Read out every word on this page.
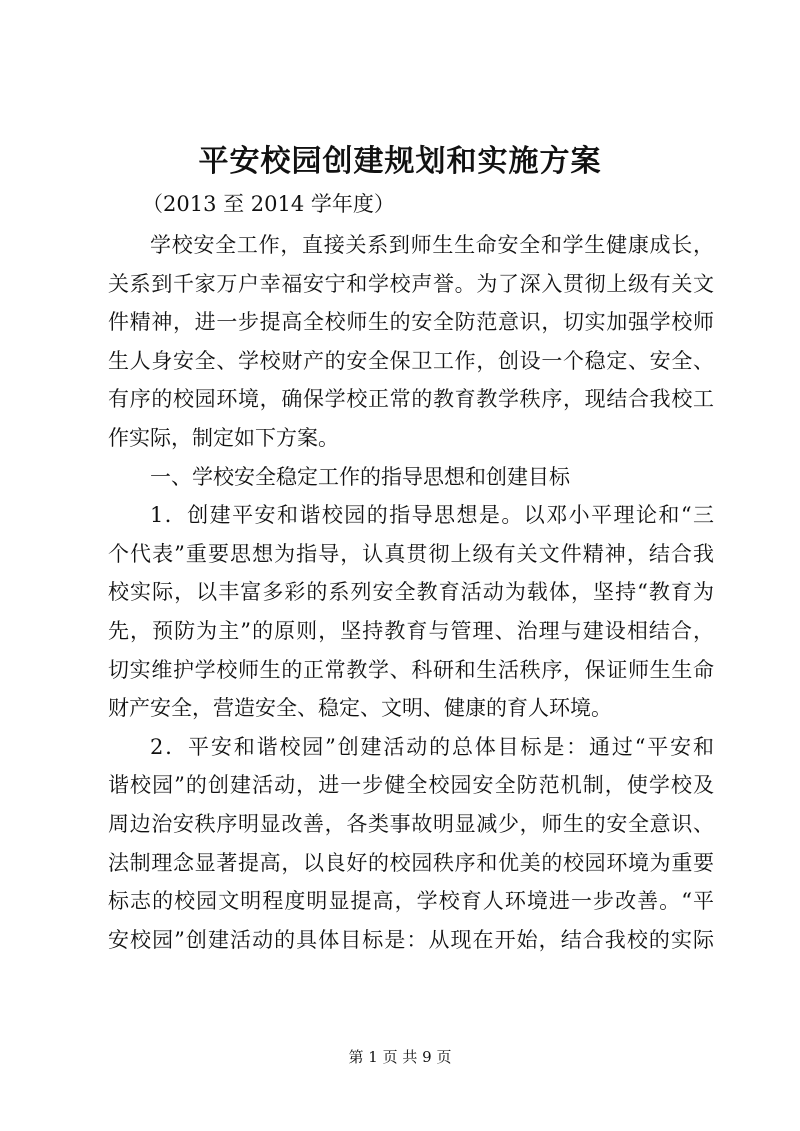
平安校园创建规划和实施方案

（2013 至 2014 学年度）

学校安全工作，直接关系到师生生命安全和学生健康成长，
关系到千家万户幸福安宁和学校声誉。为了深入贯彻上级有关文
件精神，进一步提高全校师生的安全防范意识，切实加强学校师
生人身安全、学校财产的安全保卫工作，创设一个稳定、安全、
有序的校园环境，确保学校正常的教育教学秩序，现结合我校工
作实际，制定如下方案。
一、学校安全稳定工作的指导思想和创建目标
1．创建平安和谐校园的指导思想是。以邓小平理论和“三
个代表”重要思想为指导，认真贯彻上级有关文件精神，结合我
校实际，以丰富多彩的系列安全教育活动为载体，坚持“教育为
先，预防为主”的原则，坚持教育与管理、治理与建设相结合，
切实维护学校师生的正常教学、科研和生活秩序，保证师生生命
财产安全，营造安全、稳定、文明、健康的育人环境。
2．平安和谐校园”创建活动的总体目标是：通过“平安和
谐校园”的创建活动，进一步健全校园安全防范机制，使学校及
周边治安秩序明显改善，各类事故明显减少，师生的安全意识、
法制理念显著提高，以良好的校园秩序和优美的校园环境为重要
标志的校园文明程度明显提高，学校育人环境进一步改善。“平
安校园”创建活动的具体目标是：从现在开始，结合我校的实际
第 1 页 共 9 页
